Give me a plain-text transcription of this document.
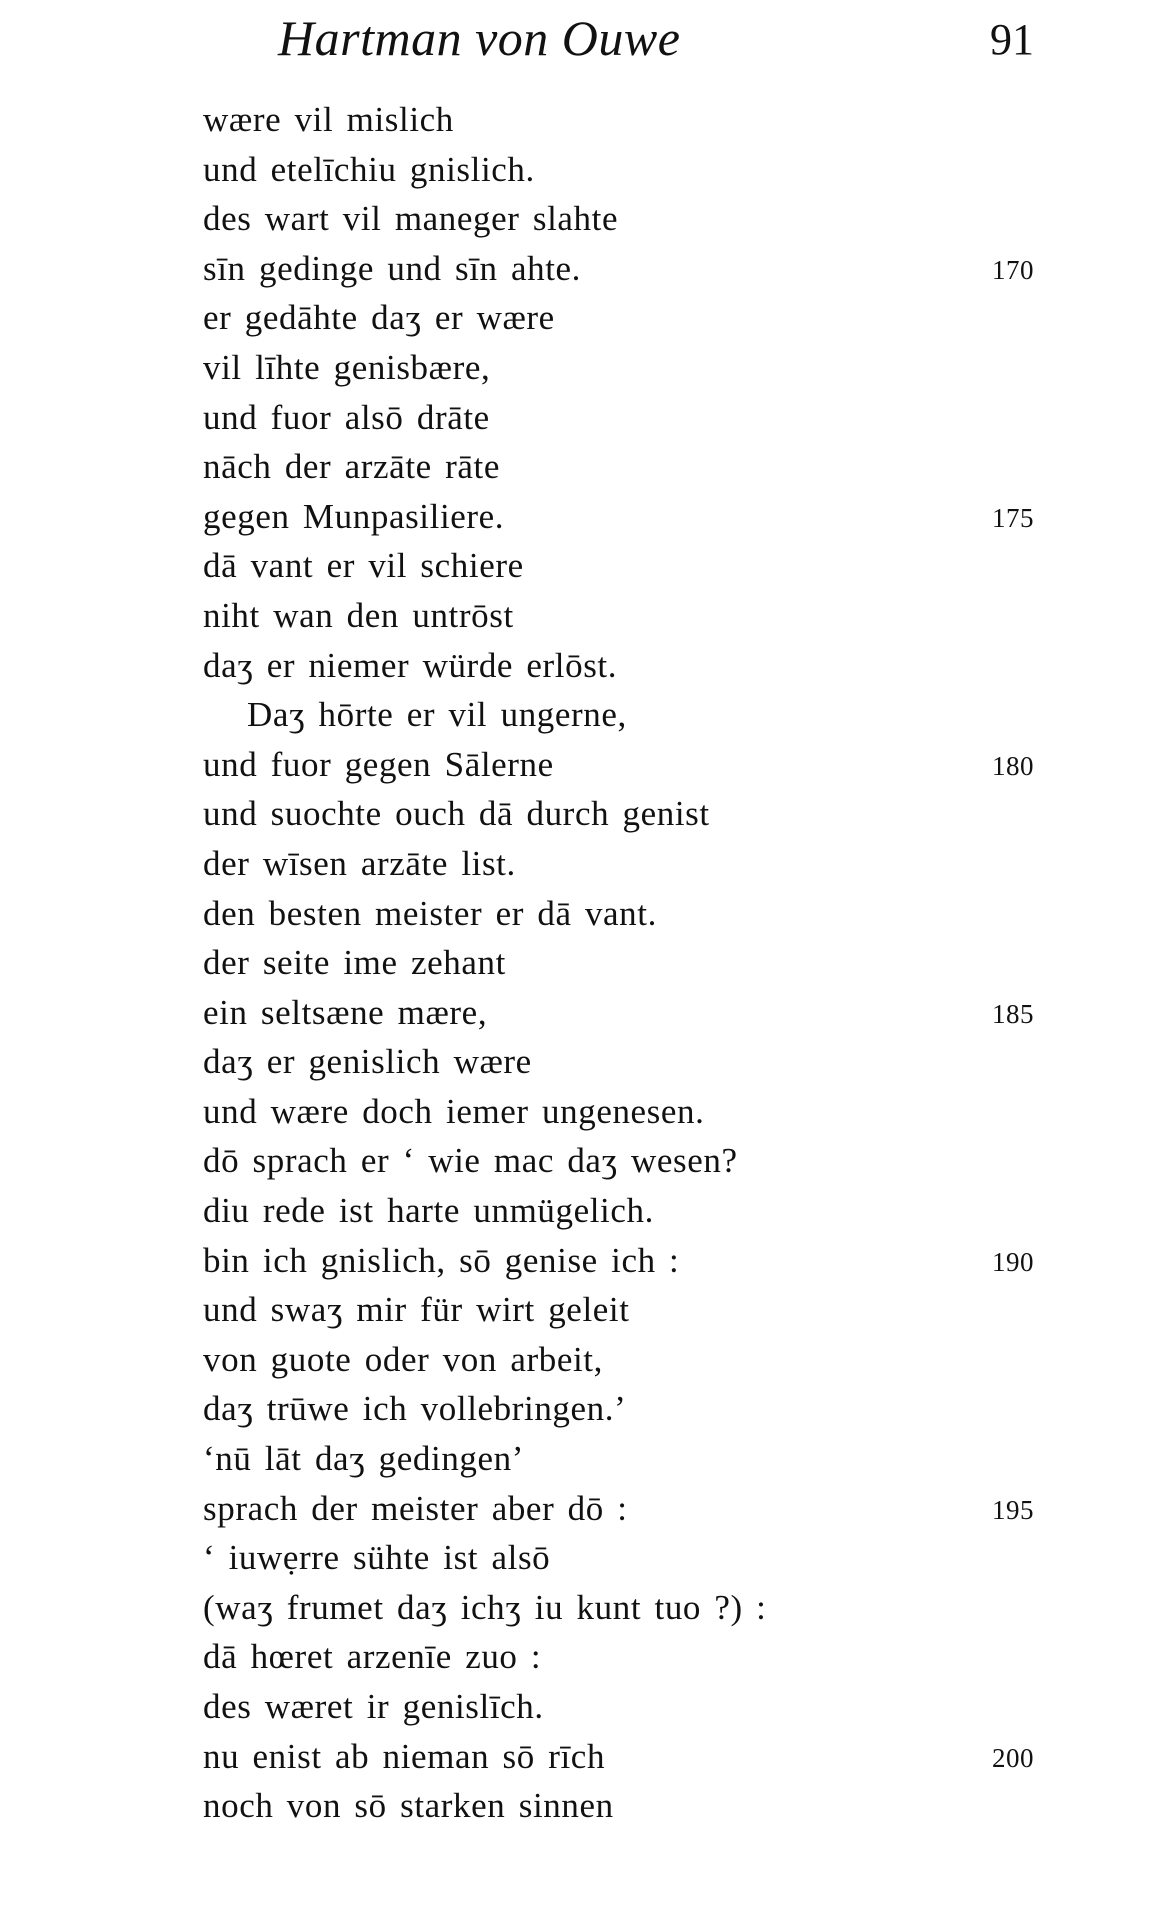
Hartman von Ouwe	91
wære vil mislich
und etelīchiu gnislich.
des wart vil maneger slahte
sīn gedinge und sīn ahte.	170
er gedāhte daʒ er wære
vil līhte genisbære,
und fuor alsō drāte
nāch der arzāte rāte
gegen Munpasiliere.	175
dā vant er vil schiere
niht wan den untrōst
daʒ er niemer würde erlōst.
Daʒ hōrte er vil ungerne,
und fuor gegen Sālerne	180
und suochte ouch dā durch genist
der wīsen arzāte list.
den besten meister er dā vant.
der seite ime zehant
ein seltsæne mære,	185
daʒ er genislich wære
und wære doch iemer ungenesen.
dō sprach er ‘ wie mac daʒ wesen?
diu rede ist harte unmügelich.
bin ich gnislich, sō genise ich :	190
und swaʒ mir für wirt geleit
von guote oder von arbeit,
daʒ trūwe ich vollebringen.’
‘nū lāt daʒ gedingen’
sprach der meister aber dō :	195
‘ iuwẹrre sühte ist alsō
(waʒ frumet daʒ ichʒ iu kunt tuo ?) :
dā hœret arzenīe zuo :
des wæret ir genislīch.
nu enist ab nieman sō rīch	200
noch von sō starken sinnen
